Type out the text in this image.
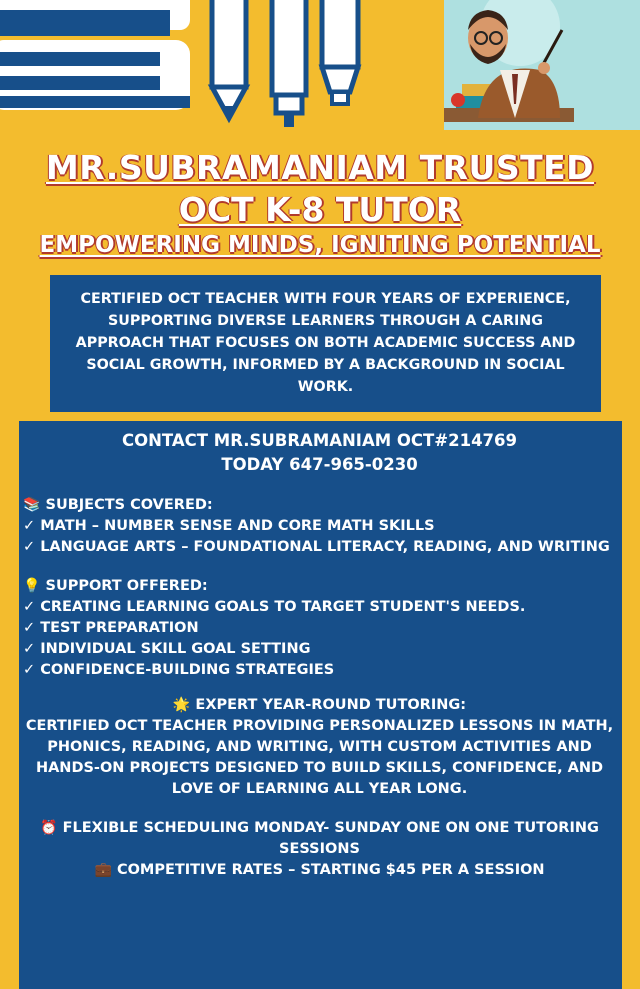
MR.SUBRAMANIAM TRUSTED
OCT K-8 TUTOR
EMPOWERING MINDS, IGNITING POTENTIAL
CERTIFIED OCT TEACHER WITH FOUR YEARS OF EXPERIENCE, SUPPORTING DIVERSE LEARNERS THROUGH A CARING APPROACH THAT FOCUSES ON BOTH ACADEMIC SUCCESS AND SOCIAL GROWTH, INFORMED BY A BACKGROUND IN SOCIAL WORK.
CONTACT MR.SUBRAMANIAM OCT#214769
TODAY 647-965-0230
📚 SUBJECTS COVERED:
✓ MATH – NUMBER SENSE AND CORE MATH SKILLS
✓ LANGUAGE ARTS – FOUNDATIONAL LITERACY, READING, AND WRITING
💡 SUPPORT OFFERED:
✓ CREATING LEARNING GOALS TO TARGET STUDENT'S NEEDS.
✓ TEST PREPARATION
✓ INDIVIDUAL SKILL GOAL SETTING
✓ CONFIDENCE-BUILDING STRATEGIES
🌟 EXPERT YEAR-ROUND TUTORING:
CERTIFIED OCT TEACHER PROVIDING PERSONALIZED LESSONS IN MATH, PHONICS, READING, AND WRITING, WITH CUSTOM ACTIVITIES AND HANDS-ON PROJECTS DESIGNED TO BUILD SKILLS, CONFIDENCE, AND LOVE OF LEARNING ALL YEAR LONG.
⏰ FLEXIBLE SCHEDULING MONDAY- SUNDAY ONE ON ONE TUTORING SESSIONS
💼 COMPETITIVE RATES – STARTING $45 PER A SESSION
